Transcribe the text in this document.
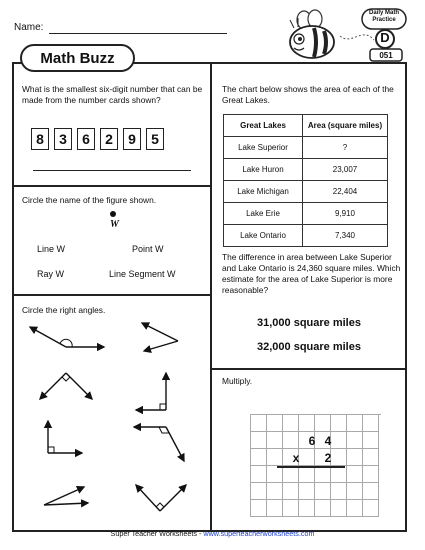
Name:
Daily Math
Practice
D
051
Math Buzz
What is the smallest six-digit number that can be made from the number cards shown?
8	3	6	2	9	5
Circle the name of the figure shown.
W
Line W	Point W
Ray W	Line Segment W
Circle the right angles.
The chart below shows the area of each of the Great Lakes.
Great Lakes	Area (square miles)
Lake Superior	?
Lake Huron	23,007
Lake Michigan	22,404
Lake Erie	9,910
Lake Ontario	7,340
The difference in area between Lake Superior and Lake Ontario is 24,360 square miles. Which estimate for the area of Lake Superior is more reasonable?
31,000 square miles
32,000 square miles
Multiply.
6 4
x	2
Super Teacher Worksheets - www.superteacherworksheets.com
